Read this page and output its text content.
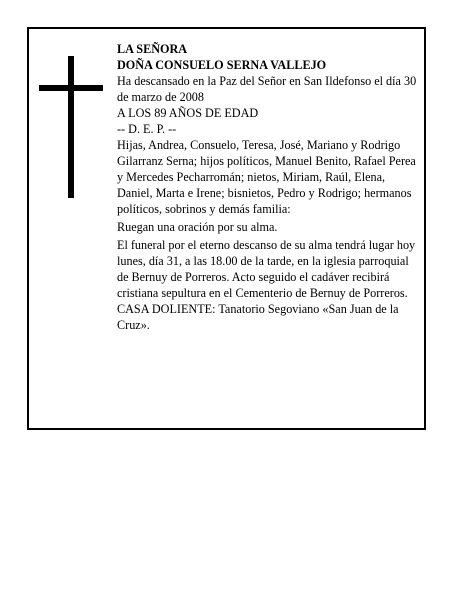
LA SEÑORA

DOÑA CONSUELO SERNA VALLEJO

Ha descansado en la Paz del Señor en San Ildefonso el día 30 de marzo de 2008

A LOS 89 AÑOS DE EDAD

-- D. E. P. --

Hijas, Andrea, Consuelo, Teresa, José, Mariano y Rodrigo Gilarranz Serna; hijos políticos, Manuel Benito, Rafael Perea y Mercedes Pecharromán; nietos, Miriam, Raúl, Elena, Daniel, Marta e Irene; bisnietos, Pedro y Rodrigo; hermanos políticos, sobrinos y demás familia:

Ruegan una oración por su alma.

El funeral por el eterno descanso de su alma tendrá lugar hoy lunes, día 31, a las 18.00 de la tarde, en la iglesia parroquial de Bernuy de Porreros. Acto seguido el cadáver recibirá cristiana sepultura en el Cementerio de Bernuy de Porreros.

CASA DOLIENTE: Tanatorio Segoviano «San Juan de la Cruz».
